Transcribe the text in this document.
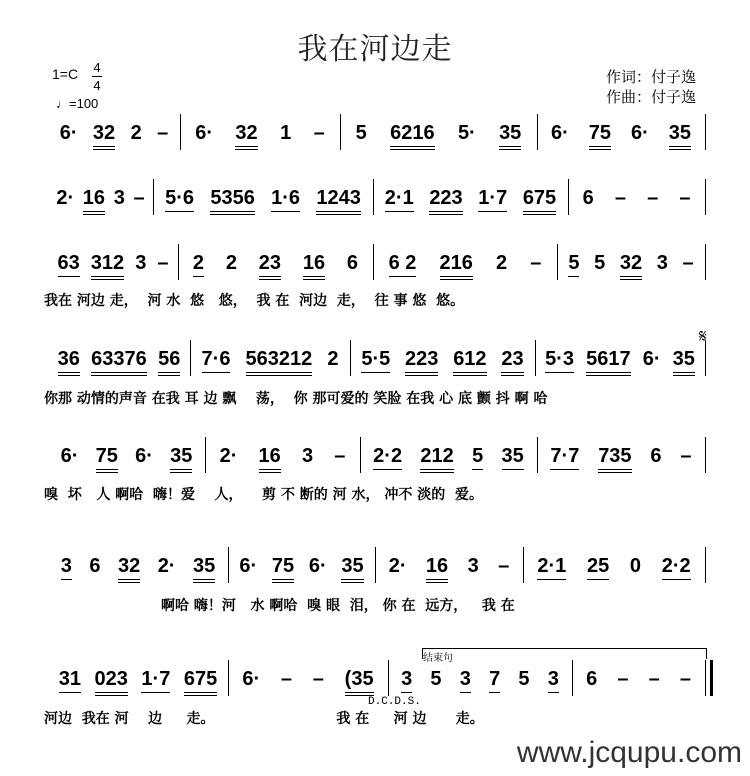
我在河边走
1=C 4
4
♩=100
作词：付子逸
作曲：付子逸
6· 32 2 – 6· 32 1 – 5 6216 5· 35 6· 75 6· 35
2· 16 3 – 5·6 5356 1·6 1243 2·1 223 1·7 675 6 – – –
63 312 3 – 2 2 23 16 6 6 2 216 2 – 5 5 32 3 –
36 63376 56 7·6 563212 2 5·5 223 612 23 5·3 5617 6· 35
6· 75 6· 35 2· 16 3 – 2·2 212 5 35 7·7 735 6 –
3 6 32 2· 35 6· 75 6· 35 2· 16 3 – 2·1 25 0 2·2
31 023 1·7 675 6· – – (35 3 5 3 7 5 3 6 – – –
我在 河边 走，  河 水  悠   悠，  我 在  河边  走，  往 事 悠  悠。
你那 动情的声音 在我 耳 边 飘    荡，  你 那可爱的 笑脸 在我 心 底 颤 抖 啊 哈
嗅  坏   人 啊哈  嗨！爱    人，    剪 不 断的 河 水， 冲不 淡的  爱。
啊哈 嗨！河   水 啊哈  嗅 眼  泪， 你 在  远方，   我 在
河边  我在 河    边     走。                         我 在     河 边      走。
𝄋
结束句
D.C.D.S.
www.jcqupu.com
